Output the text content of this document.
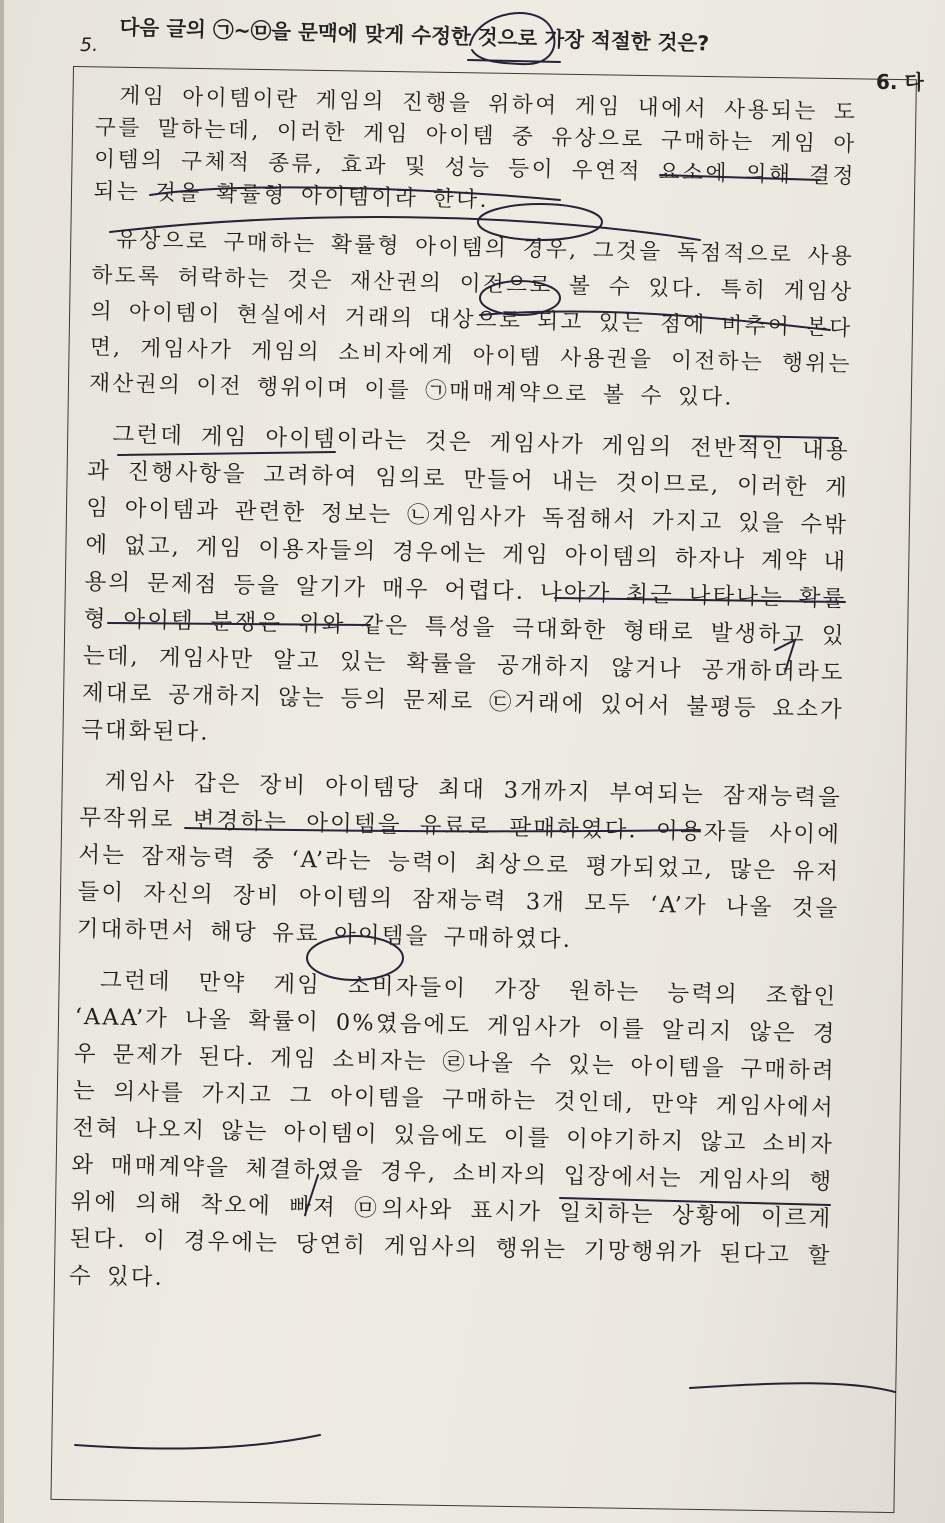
5. 다음 글의 ㉠~㉤을 문맥에 맞게 수정한 것으로 가장 적절한 것은?
6. 다

게임 아이템이란 게임의 진행을 위하여 게임 내에서 사용되는 도구를 말하는데, 이러한 게임 아이템 중 유상으로 구매하는 게임 아이템의 구체적 종류, 효과 및 성능 등이 우연적 요소에 의해 결정되는 것을 확률형 아이템이라 한다.

유상으로 구매하는 확률형 아이템의 경우, 그것을 독점적으로 사용하도록 허락하는 것은 재산권의 이전으로 볼 수 있다. 특히 게임상의 아이템이 현실에서 거래의 대상으로 되고 있는 점에 비추어 본다면, 게임사가 게임의 소비자에게 아이템 사용권을 이전하는 행위는 재산권의 이전 행위이며 이를 ㉠매매계약으로 볼 수 있다.

그런데 게임 아이템이라는 것은 게임사가 게임의 전반적인 내용과 진행사항을 고려하여 임의로 만들어 내는 것이므로, 이러한 게임 아이템과 관련한 정보는 ㉡게임사가 독점해서 가지고 있을 수밖에 없고, 게임 이용자들의 경우에는 게임 아이템의 하자나 계약 내용의 문제점 등을 알기가 매우 어렵다. 나아가 최근 나타나는 확률형 아이템 분쟁은 위와 같은 특성을 극대화한 형태로 발생하고 있는데, 게임사만 알고 있는 확률을 공개하지 않거나 공개하더라도 제대로 공개하지 않는 등의 문제로 ㉢거래에 있어서 불평등 요소가 극대화된다.

게임사 갑은 장비 아이템당 최대 3개까지 부여되는 잠재능력을 무작위로 변경하는 아이템을 유료로 판매하였다. 이용자들 사이에서는 잠재능력 중 ‘A’라는 능력이 최상으로 평가되었고, 많은 유저들이 자신의 장비 아이템의 잠재능력 3개 모두 ‘A’가 나올 것을 기대하면서 해당 유료 아이템을 구매하였다.

그런데 만약 게임 소비자들이 가장 원하는 능력의 조합인 ‘AAA’가 나올 확률이 0%였음에도 게임사가 이를 알리지 않은 경우 문제가 된다. 게임 소비자는 ㉣나올 수 있는 아이템을 구매하려는 의사를 가지고 그 아이템을 구매하는 것인데, 만약 게임사에서 전혀 나오지 않는 아이템이 있음에도 이를 이야기하지 않고 소비자와 매매계약을 체결하였을 경우, 소비자의 입장에서는 게임사의 행위에 의해 착오에 빠져 ㉤의사와 표시가 일치하는 상황에 이르게 된다. 이 경우에는 당연히 게임사의 행위는 기망행위가 된다고 할 수 있다.
